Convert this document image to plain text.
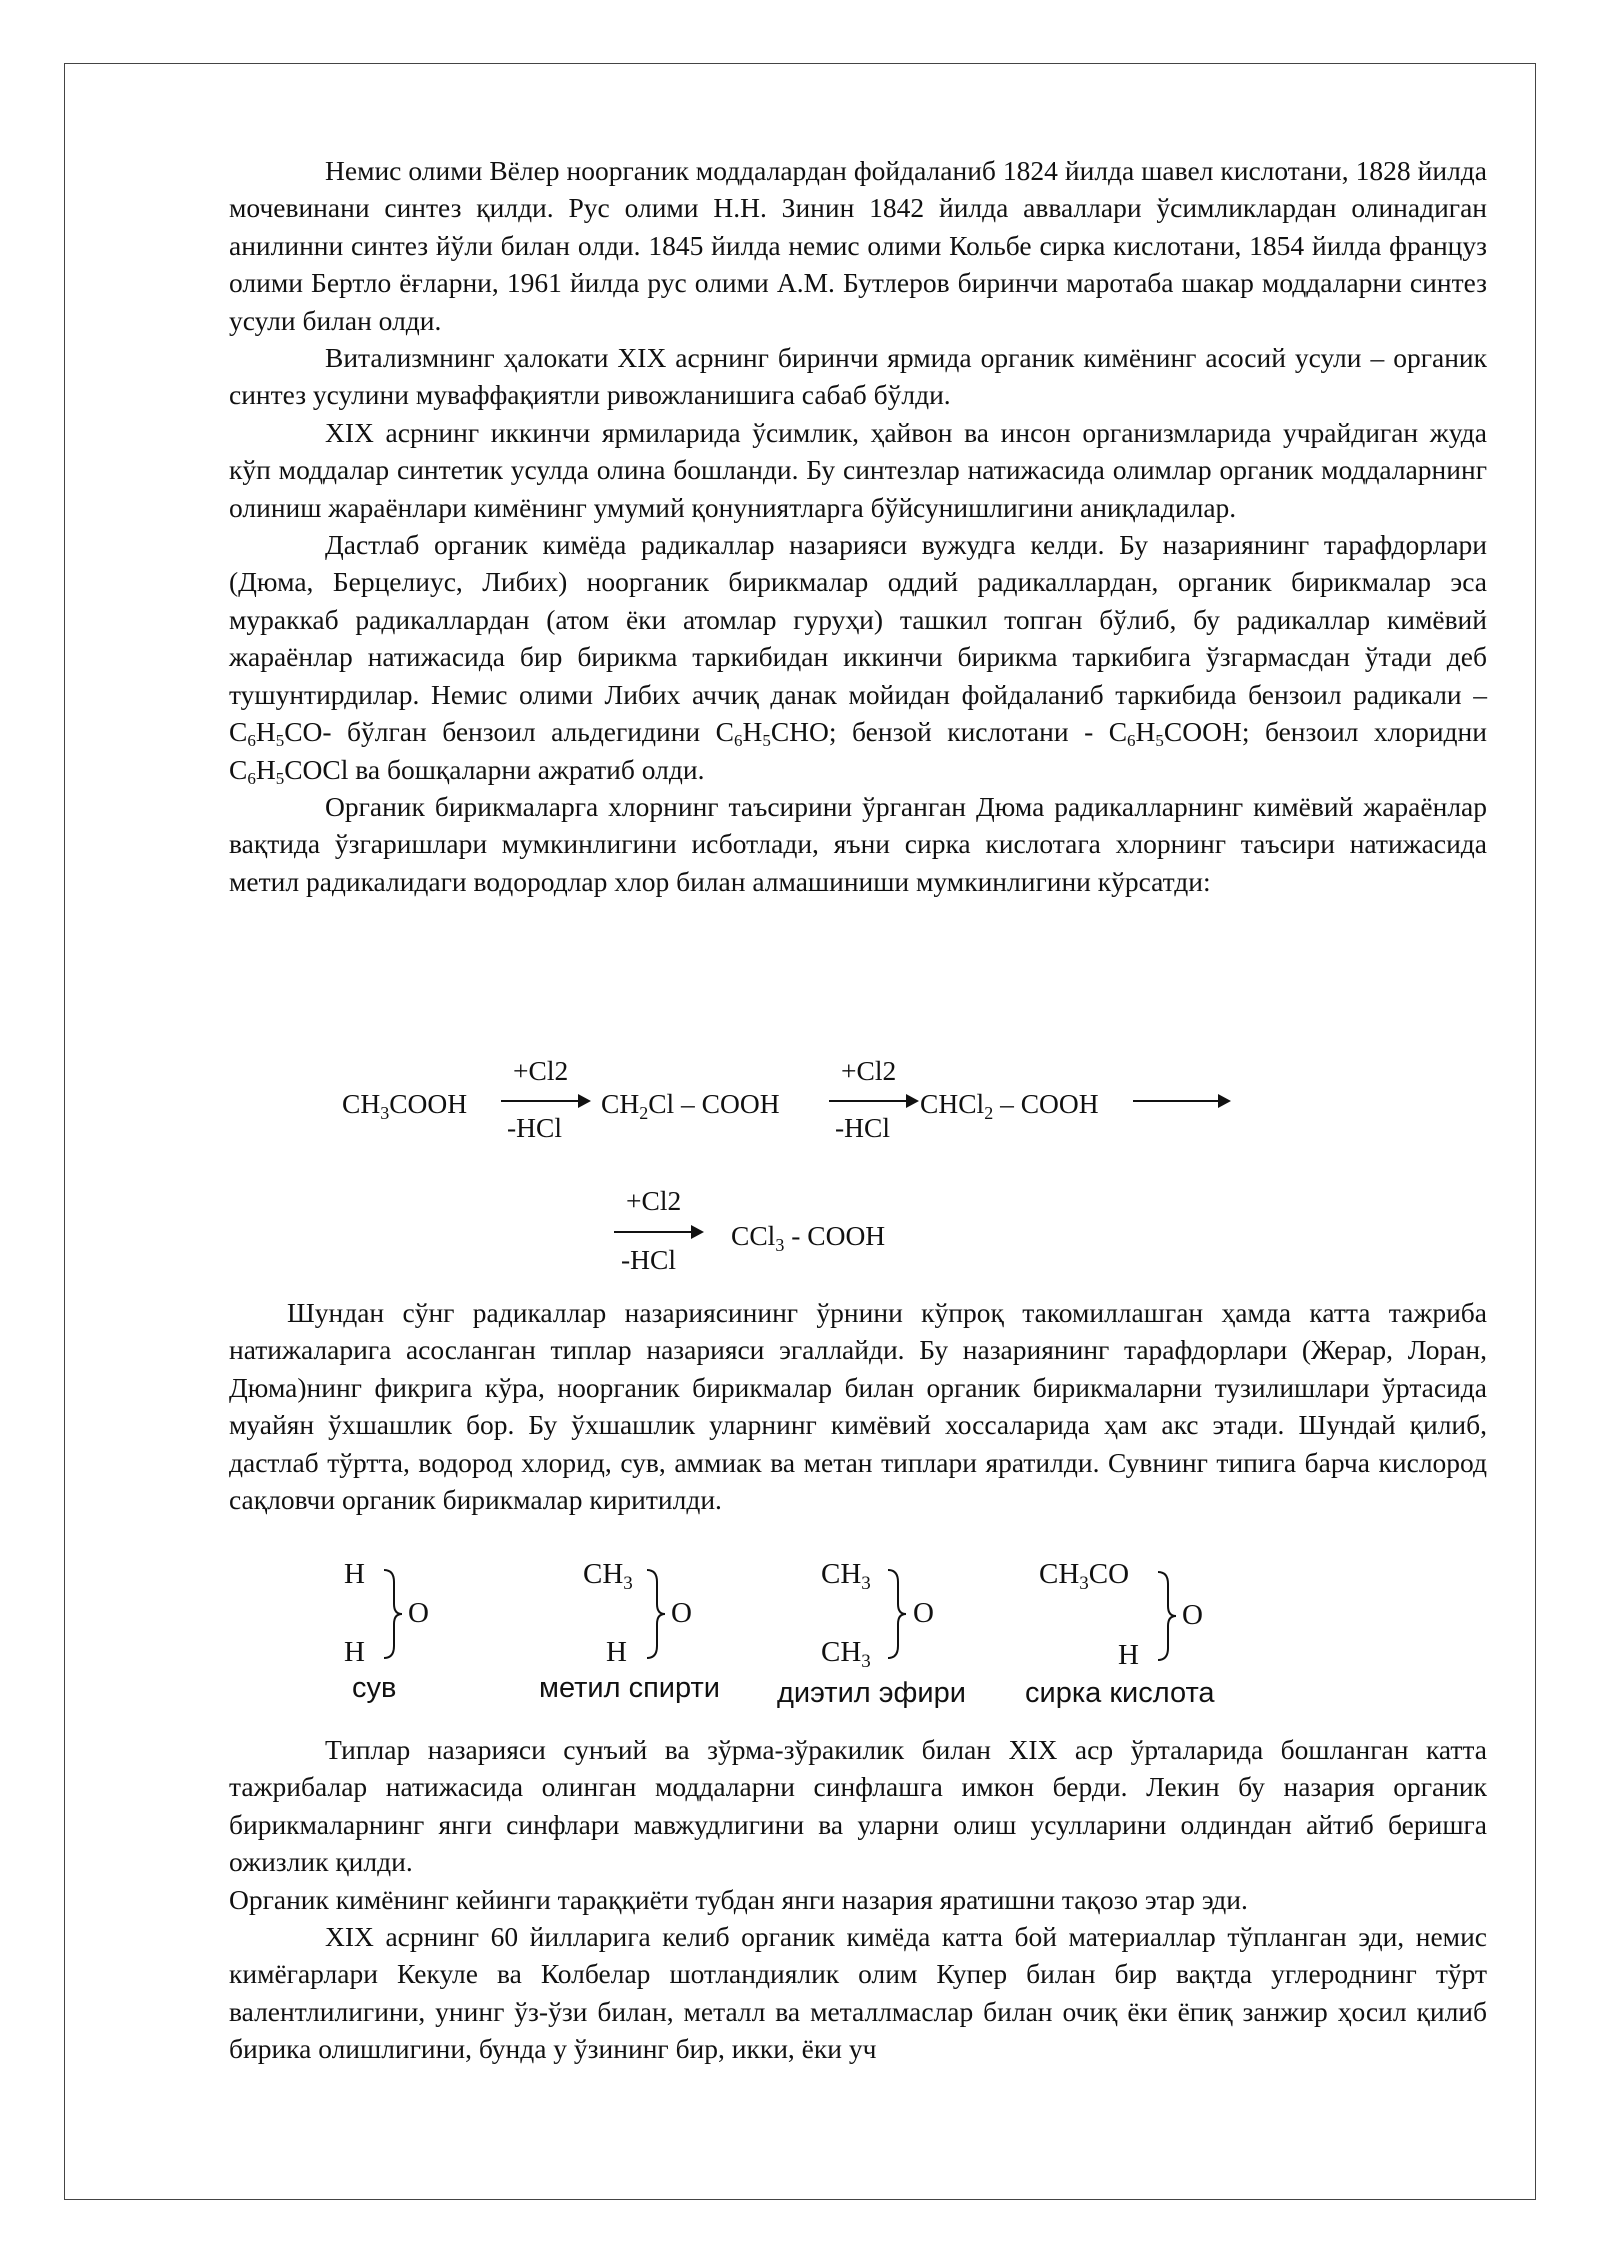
Немис олими Вёлер ноорганик моддалардан фойдаланиб 1824 йилда шавел кислотани, 1828 йилда мочевинани синтез қилди. Рус олими Н.Н. Зинин 1842 йилда авваллари ўсимликлардан олинадиган анилинни синтез йўли билан олди. 1845 йилда немис олими Кольбе сирка кислотани, 1854 йилда француз олими Бертло ёғларни, 1961 йилда рус олими А.М. Бутлеров биринчи маротаба шакар моддаларни синтез усули билан олди.

Витализмнинг ҳалокати XIX асрнинг биринчи ярмида органик кимёнинг асосий усули – органик синтез усулини муваффақиятли ривожланишига сабаб бўлди.

XIX асрнинг иккинчи ярмиларида ўсимлик, ҳайвон ва инсон организмларида учрайдиган жуда кўп моддалар синтетик усулда олина бошланди. Бу синтезлар натижасида олимлар органик моддаларнинг олиниш жараёнлари кимёнинг умумий қонуниятларга бўйсунишлигини аниқладилар.

Дастлаб органик кимёда радикаллар назарияси вужудга келди. Бу назариянинг тарафдорлари (Дюма, Берцелиус, Либих) ноорганик бирикмалар оддий радикаллардан, органик бирикмалар эса мураккаб радикаллардан (атом ёки атомлар гуруҳи) ташкил топган бўлиб, бу радикаллар кимёвий жараёнлар натижасида бир бирикма таркибидан иккинчи бирикма таркибига ўзгармасдан ўтади деб тушунтирдилар. Немис олими Либих аччиқ данак мойидан фойдаланиб таркибида бензоил радикали – $C_6H_5CO-$ бўлган бензоил альдегидини $C_6H_5CHO$; бензой кислотани - $C_6H_5COOH$; бензоил хлоридни $C_6H_5COCl$ ва бошқаларни ажратиб олди.

Органик бирикмаларга хлорнинг таъсирини ўрганган Дюма радикалларнинг кимёвий жараёнлар вақтида ўзгаришлари мумкинлигини исботлади, яъни сирка кислотага хлорнинг таъсири натижасида метил радикалидаги водородлар хлор билан алмашиниши мумкинлигини кўрсатди:

$CH_3COOH$
+Cl2
-HCl
$CH_2Cl$ – COOH
+Cl2
-HCl
CHCl$_2$ – COOH
+Cl2
-HCl
CCl$_3$ - COOH

Шундан сўнг радикаллар назариясининг ўрнини кўпроқ такомиллашган ҳамда катта тажриба натижаларига асосланган типлар назарияси эгаллайди. Бу назариянинг тарафдорлари (Жерар, Лоран, Дюма)нинг фикрига кўра, ноорганик бирикмалар билан органик бирикмаларни тузилишлари ўртасида муайян ўхшашлик бор. Бу ўхшашлик уларнинг кимёвий хоссаларида ҳам акс этади. Шундай қилиб, дастлаб тўртта, водород хлорид, сув, аммиак ва метан типлари яратилди. Сувнинг типига барча кислород сақловчи органик бирикмалар киритилди.

H
H
O
сув
$CH_3$
H
O
метил спирти
$CH_3$
$CH_3$
O
диэтил эфири
$CH_3CO$
H
O
сирка кислота

Типлар назарияси сунъий ва зўрма-зўракилик билан XIX аср ўрталарида бошланган катта тажрибалар натижасида олинган моддаларни синфлашга имкон берди. Лекин бу назария органик бирикмаларнинг янги синфлари мавжудлигини ва уларни олиш усулларини олдиндан айтиб беришга ожизлик қилди.

Органик кимёнинг кейинги тараққиёти тубдан янги назария яратишни тақозо этар эди.

XIX асрнинг 60 йилларига келиб органик кимёда катта бой материаллар тўпланган эди, немис кимёгарлари Кекуле ва Колбелар шотландиялик олим Купер билан бир вақтда углероднинг тўрт валентлилигини, унинг ўз-ўзи билан, металл ва металлмаслар билан очиқ ёки ёпиқ занжир ҳосил қилиб бирика олишлигини, бунда у ўзининг бир, икки, ёки уч
